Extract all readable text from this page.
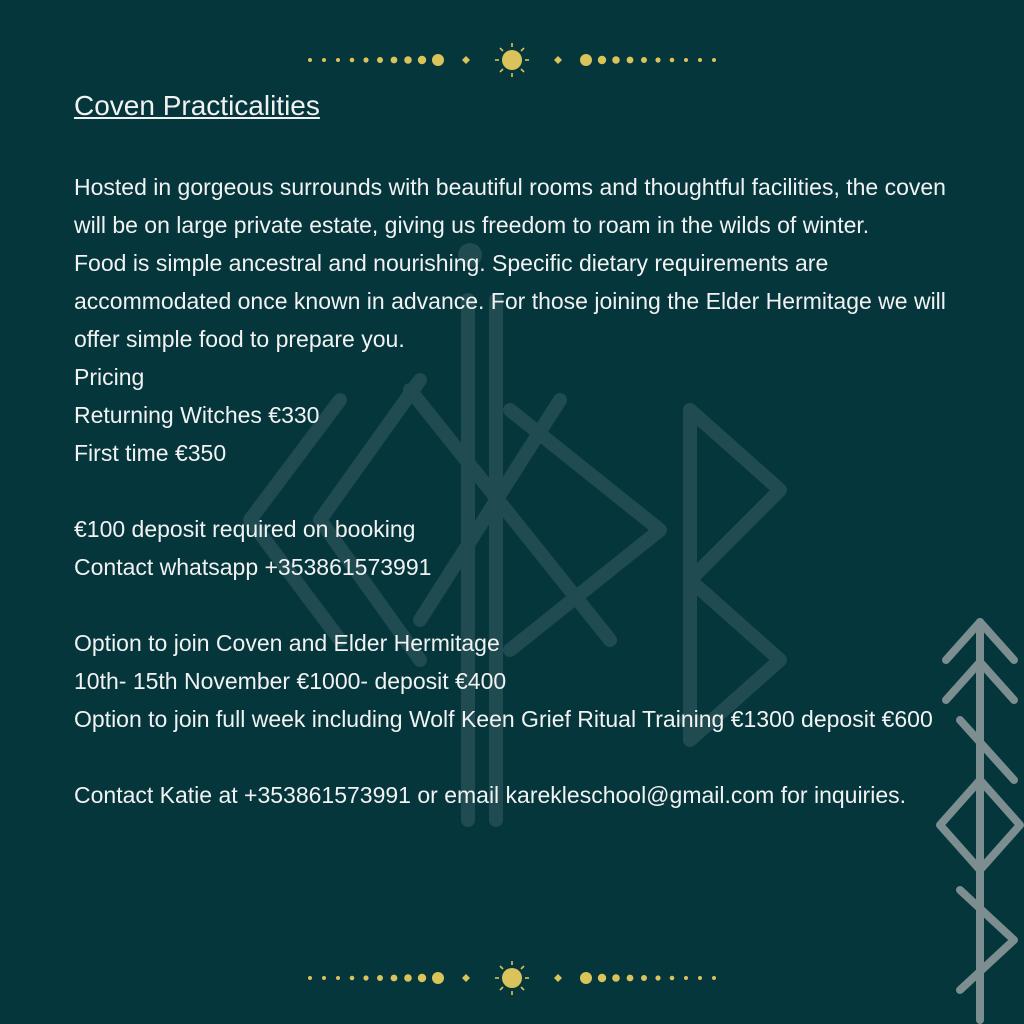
Coven Practicalities

Hosted in gorgeous surrounds with beautiful rooms and thoughtful facilities, the coven will be on large private estate, giving us freedom to roam in the wilds of winter.

Food is simple ancestral and nourishing. Specific dietary requirements are accommodated once known in advance. For those joining the Elder Hermitage we will offer simple food to prepare you.

Pricing

Returning Witches €330

First time €350

€100 deposit required on booking

Contact whatsapp +353861573991

Option to join Coven and Elder Hermitage

10th- 15th November €1000- deposit €400

Option to join full week including Wolf Keen Grief Ritual Training €1300 deposit €600

Contact Katie at +353861573991 or email karekleschool@gmail.com for inquiries.
